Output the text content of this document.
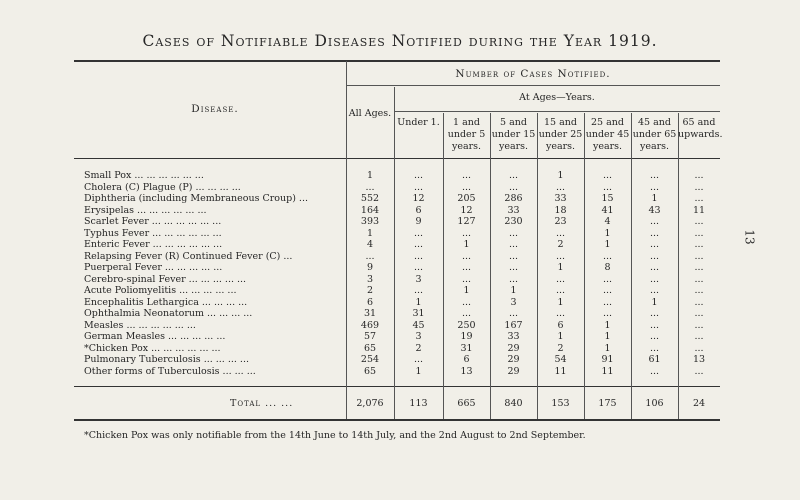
Cases of Notifiable Diseases Notified during the Year 1919.
13
Disease.
Number of Cases Notified.
All Ages.
At Ages—Years.
Under 1.	1 and under 5 years.
5 and under 15 years.
15 and under 25 years.
25 and under 45 years.
45 and under 65 years.
65 and upwards.
Small Pox ... ... ... ... ... ...	1	...	...	...	1	...	...	...
Cholera (C) Plague (P) ... ... ... ...	...	...	...	...	...	...	...	...
Diphtheria (including Membraneous Croup) ...	552	12	205	286	33	15	1	...
Erysipelas ... ... ... ... ... ...	164	6	12	33	18	41	43	11
Scarlet Fever ... ... ... ... ... ...	393	9	127	230	23	4	...	...
Typhus Fever ... ... ... ... ... ...	1	...	...	...	...	1	...	...
Enteric Fever ... ... ... ... ... ...	4	...	1	...	2	1	...	...
Relapsing Fever (R) Continued Fever (C) ...	...	...	...	...	...	...	...	...
Puerperal Fever ... ... ... ... ...	9	...	...	...	1	8	...	...
Cerebro-spinal Fever ... ... ... ... ...	3	3	...	...	...	...	...	...
Acute Poliomyelitis ... ... ... ... ...	2	...	1	1	...	...	...	...
Encephalitis Lethargica ... ... ... ...	6	1	...	3	1	...	1	...
Ophthalmia Neonatorum ... ... ... ...	31	31	...	...	...	...	...	...
Measles ... ... ... ... ... ...	469	45	250	167	6	1	...	...
German Measles ... ... ... ... ...	57	3	19	33	1	1	...	...
*Chicken Pox ... ... ... ... ... ...	65	2	31	29	2	1	...	...
Pulmonary Tuberculosis ... ... ... ...	254	...	6	29	54	91	61	13
Other forms of Tuberculosis ... ... ...	65	1	13	29	11	11	...	...
Total ... ...	2,076	113	665	840	153	175	106	24
*Chicken Pox was only notifiable from the 14th June to 14th July, and the 2nd August to 2nd September.
